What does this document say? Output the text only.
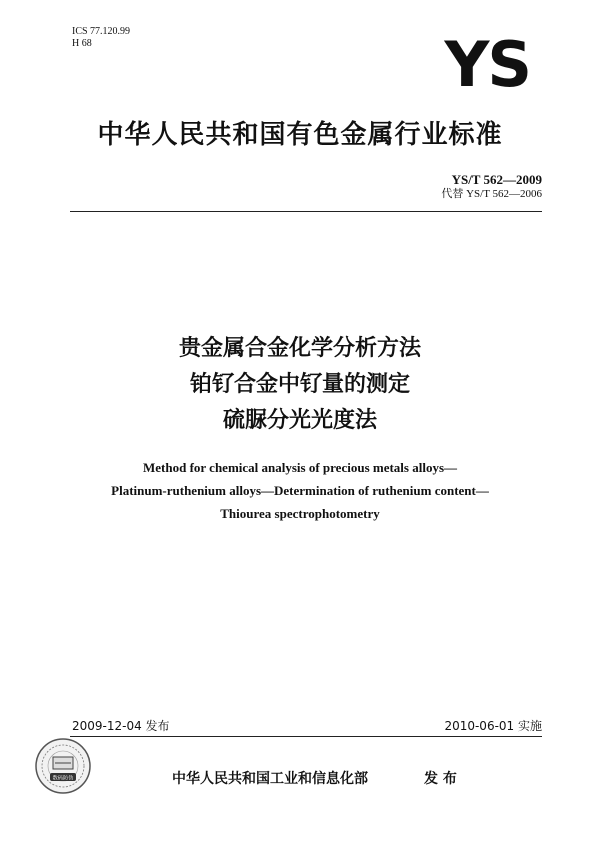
ICS 77.120.99
H 68	YS
中华人民共和国有色金属行业标准
YS/T 562—2009
代替 YS/T 562—2006
贵金属合金化学分析方法
铂钌合金中钌量的测定
硫脲分光光度法
Method for chemical analysis of precious metals alloys—
Platinum-ruthenium alloys—Determination of ruthenium content—
Thiourea spectrophotometry
2009-12-04 发布	2010-06-01 实施
数码防伪	中华人民共和国工业和信息化部	发 布
